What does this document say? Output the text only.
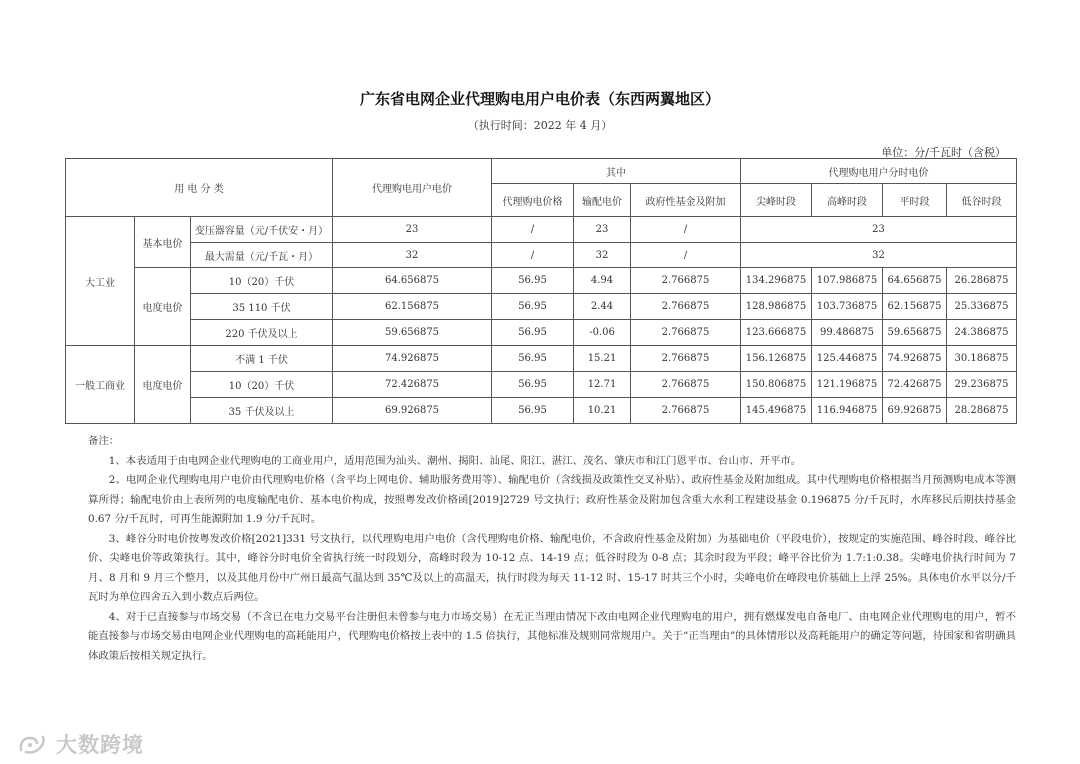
广东省电网企业代理购电用户电价表（东西两翼地区）
（执行时间：2022 年 4 月）
单位：分/千瓦时（含税）
用 电 分 类			代理购电用户电价	其中			代理购电用户分时电价			
				代理购电价格	输配电价	政府性基金及附加	尖峰时段	高峰时段	平时段	低谷时段
大工业	基本电价	变压器容量（元/千伏安・月）	23	/	23	/	23			
		最大需量（元/千瓦・月）	32	/	32	/	32			
	电度电价	10（20）千伏	64.656875	56.95	4.94	2.766875	134.296875	107.986875	64.656875	26.286875
		35 110 千伏	62.156875	56.95	2.44	2.766875	128.986875	103.736875	62.156875	25.336875
		220 千伏及以上	59.656875	56.95	-0.06	2.766875	123.666875	99.486875	59.656875	24.386875
一般工商业	电度电价	不满 1 千伏	74.926875	56.95	15.21	2.766875	156.126875	125.446875	74.926875	30.186875
		10（20）千伏	72.426875	56.95	12.71	2.766875	150.806875	121.196875	72.426875	29.236875
		35 千伏及以上	69.926875	56.95	10.21	2.766875	145.496875	116.946875	69.926875	28.286875

备注：

1、本表适用于由电网企业代理购电的工商业用户，适用范围为汕头、潮州、揭阳、汕尾、阳江、湛江、茂名、肇庆市和江门恩平市、台山市、开平市。

2、电网企业代理购电用户电价由代理购电价格（含平均上网电价、辅助服务费用等）、输配电价（含线损及政策性交叉补贴）、政府性基金及附加组成。其中代理购电价格根据当月预测购电成本等测算所得；输配电价由上表所列的电度输配电价、基本电价构成，按照粤发改价格函[2019]2729 号文执行；政府性基金及附加包含重大水利工程建设基金 0.196875 分/千瓦时，水库移民后期扶持基金 0.67 分/千瓦时，可再生能源附加 1.9 分/千瓦时。

3、峰谷分时电价按粤发改价格[2021]331 号文执行，以代理购电用户电价（含代理购电价格、输配电价，不含政府性基金及附加）为基础电价（平段电价），按规定的实施范围、峰谷时段、峰谷比价、尖峰电价等政策执行。其中，峰谷分时电价全省执行统一时段划分，高峰时段为 10-12 点、14-19 点；低谷时段为 0-8 点；其余时段为平段；峰平谷比价为 1.7:1:0.38。尖峰电价执行时间为 7 月、8 月和 9 月三个整月，以及其他月份中广州日最高气温达到 35℃及以上的高温天，执行时段为每天 11-12 时、15-17 时共三个小时，尖峰电价在峰段电价基础上上浮 25%。具体电价水平以分/千瓦时为单位四舍五入到小数点后两位。

4、对于已直接参与市场交易（不含已在电力交易平台注册但未曾参与电力市场交易）在无正当理由情况下改由电网企业代理购电的用户，拥有燃煤发电自备电厂、由电网企业代理购电的用户，暂不能直接参与市场交易由电网企业代理购电的高耗能用户，代理购电价格按上表中的 1.5 倍执行，其他标准及规则同常规用户。关于“正当理由”的具体情形以及高耗能用户的确定等问题，待国家和省明确具体政策后按相关规定执行。

大数跨境
